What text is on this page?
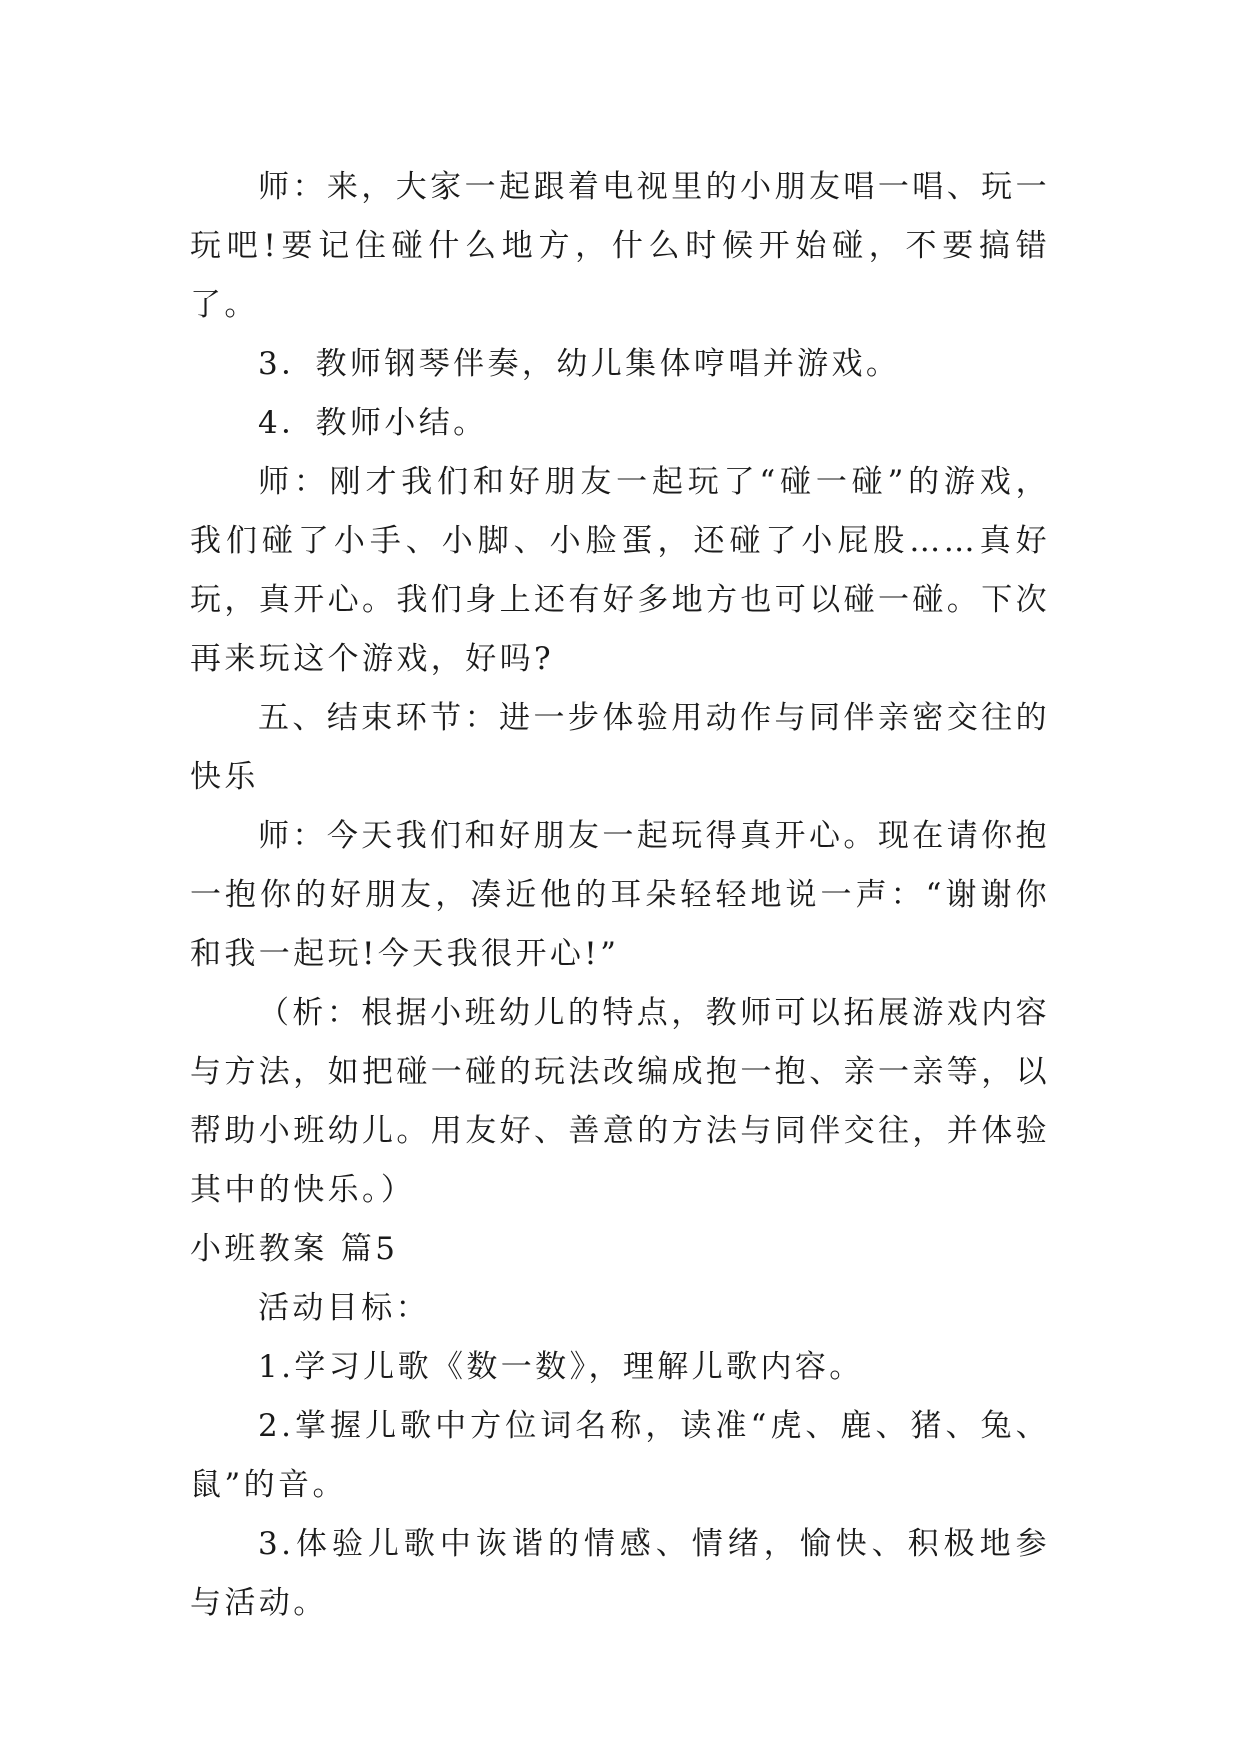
师：来，大家一起跟着电视里的小朋友唱一唱、玩一玩吧!要记住碰什么地方，什么时候开始碰，不要搞错了。

3．教师钢琴伴奏，幼儿集体哼唱并游戏。

4．教师小结。

师：刚才我们和好朋友一起玩了“碰一碰”的游戏，我们碰了小手、小脚、小脸蛋，还碰了小屁股……真好玩，真开心。我们身上还有好多地方也可以碰一碰。下次再来玩这个游戏，好吗?

五、结束环节：进一步体验用动作与同伴亲密交往的快乐

师：今天我们和好朋友一起玩得真开心。现在请你抱一抱你的好朋友，凑近他的耳朵轻轻地说一声：“谢谢你和我一起玩!今天我很开心!”

（析：根据小班幼儿的特点，教师可以拓展游戏内容与方法，如把碰一碰的玩法改编成抱一抱、亲一亲等，以帮助小班幼儿。用友好、善意的方法与同伴交往，并体验其中的快乐。）

小班教案 篇5

活动目标：

1.学习儿歌《数一数》，理解儿歌内容。

2.掌握儿歌中方位词名称，读准“虎、鹿、猪、兔、鼠”的音。

3.体验儿歌中诙谐的情感、情绪，愉快、积极地参与活动。
